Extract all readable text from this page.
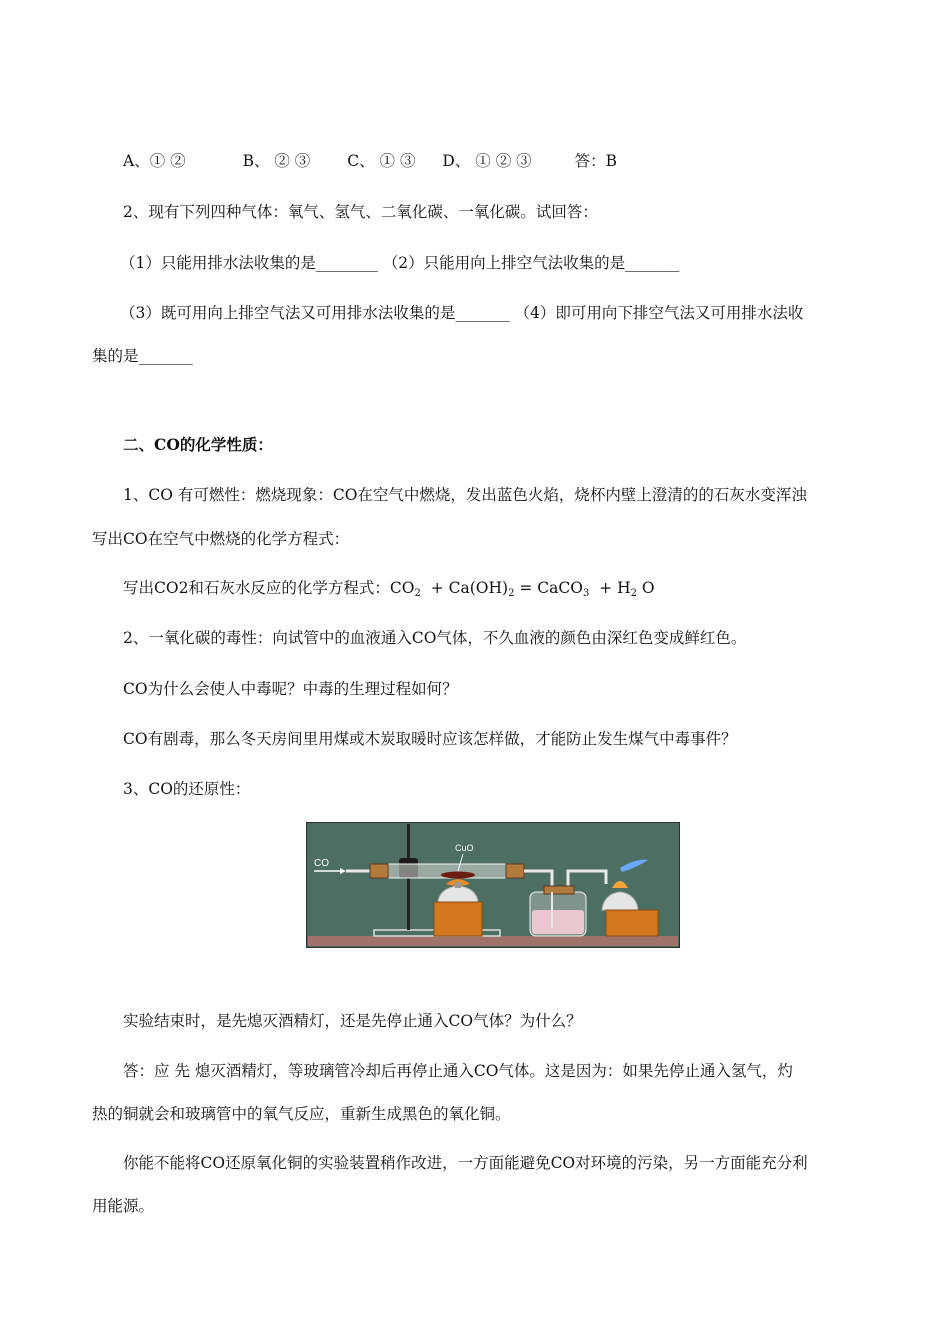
A、① ②	B、 ② ③ C、 ① ③ D、 ① ② ③	答：B
2、现有下列四种气体：氧气、氢气、二氧化碳、一氧化碳。试回答：
（1）只能用排水法收集的是________ （2）只能用向上排空气法收集的是_______
（3）既可用向上排空气法又可用排水法收集的是_______ （4）即可用向下排空气法又可用排水法收
集的是_______
二、CO的化学性质：
1、CO 有可燃性：燃烧现象：CO在空气中燃烧，发出蓝色火焰，烧杯内壁上澄清的的石灰水变浑浊
写出CO在空气中燃烧的化学方程式：
写出CO2和石灰水反应的化学方程式：$CO_2 + Ca(OH)_2$ = CaCO$_3$  + $H_2$ O
2、一氧化碳的毒性：向试管中的血液通入CO气体，不久血液的颜色由深红色变成鲜红色。
CO为什么会使人中毒呢？中毒的生理过程如何？
CO有剧毒，那么冬天房间里用煤或木炭取暖时应该怎样做，才能防止发生煤气中毒事件？
3、CO的还原性：
CO
CuO
实验结束时，是先熄灭酒精灯，还是先停止通入CO气体？为什么？
答：应 先 熄灭酒精灯，等玻璃管冷却后再停止通入CO气体。这是因为：如果先停止通入氢气，灼
热的铜就会和玻璃管中的氧气反应，重新生成黑色的氧化铜。
你能不能将CO还原氧化铜的实验装置稍作改进，一方面能避免CO对环境的污染，另一方面能充分利
用能源。
